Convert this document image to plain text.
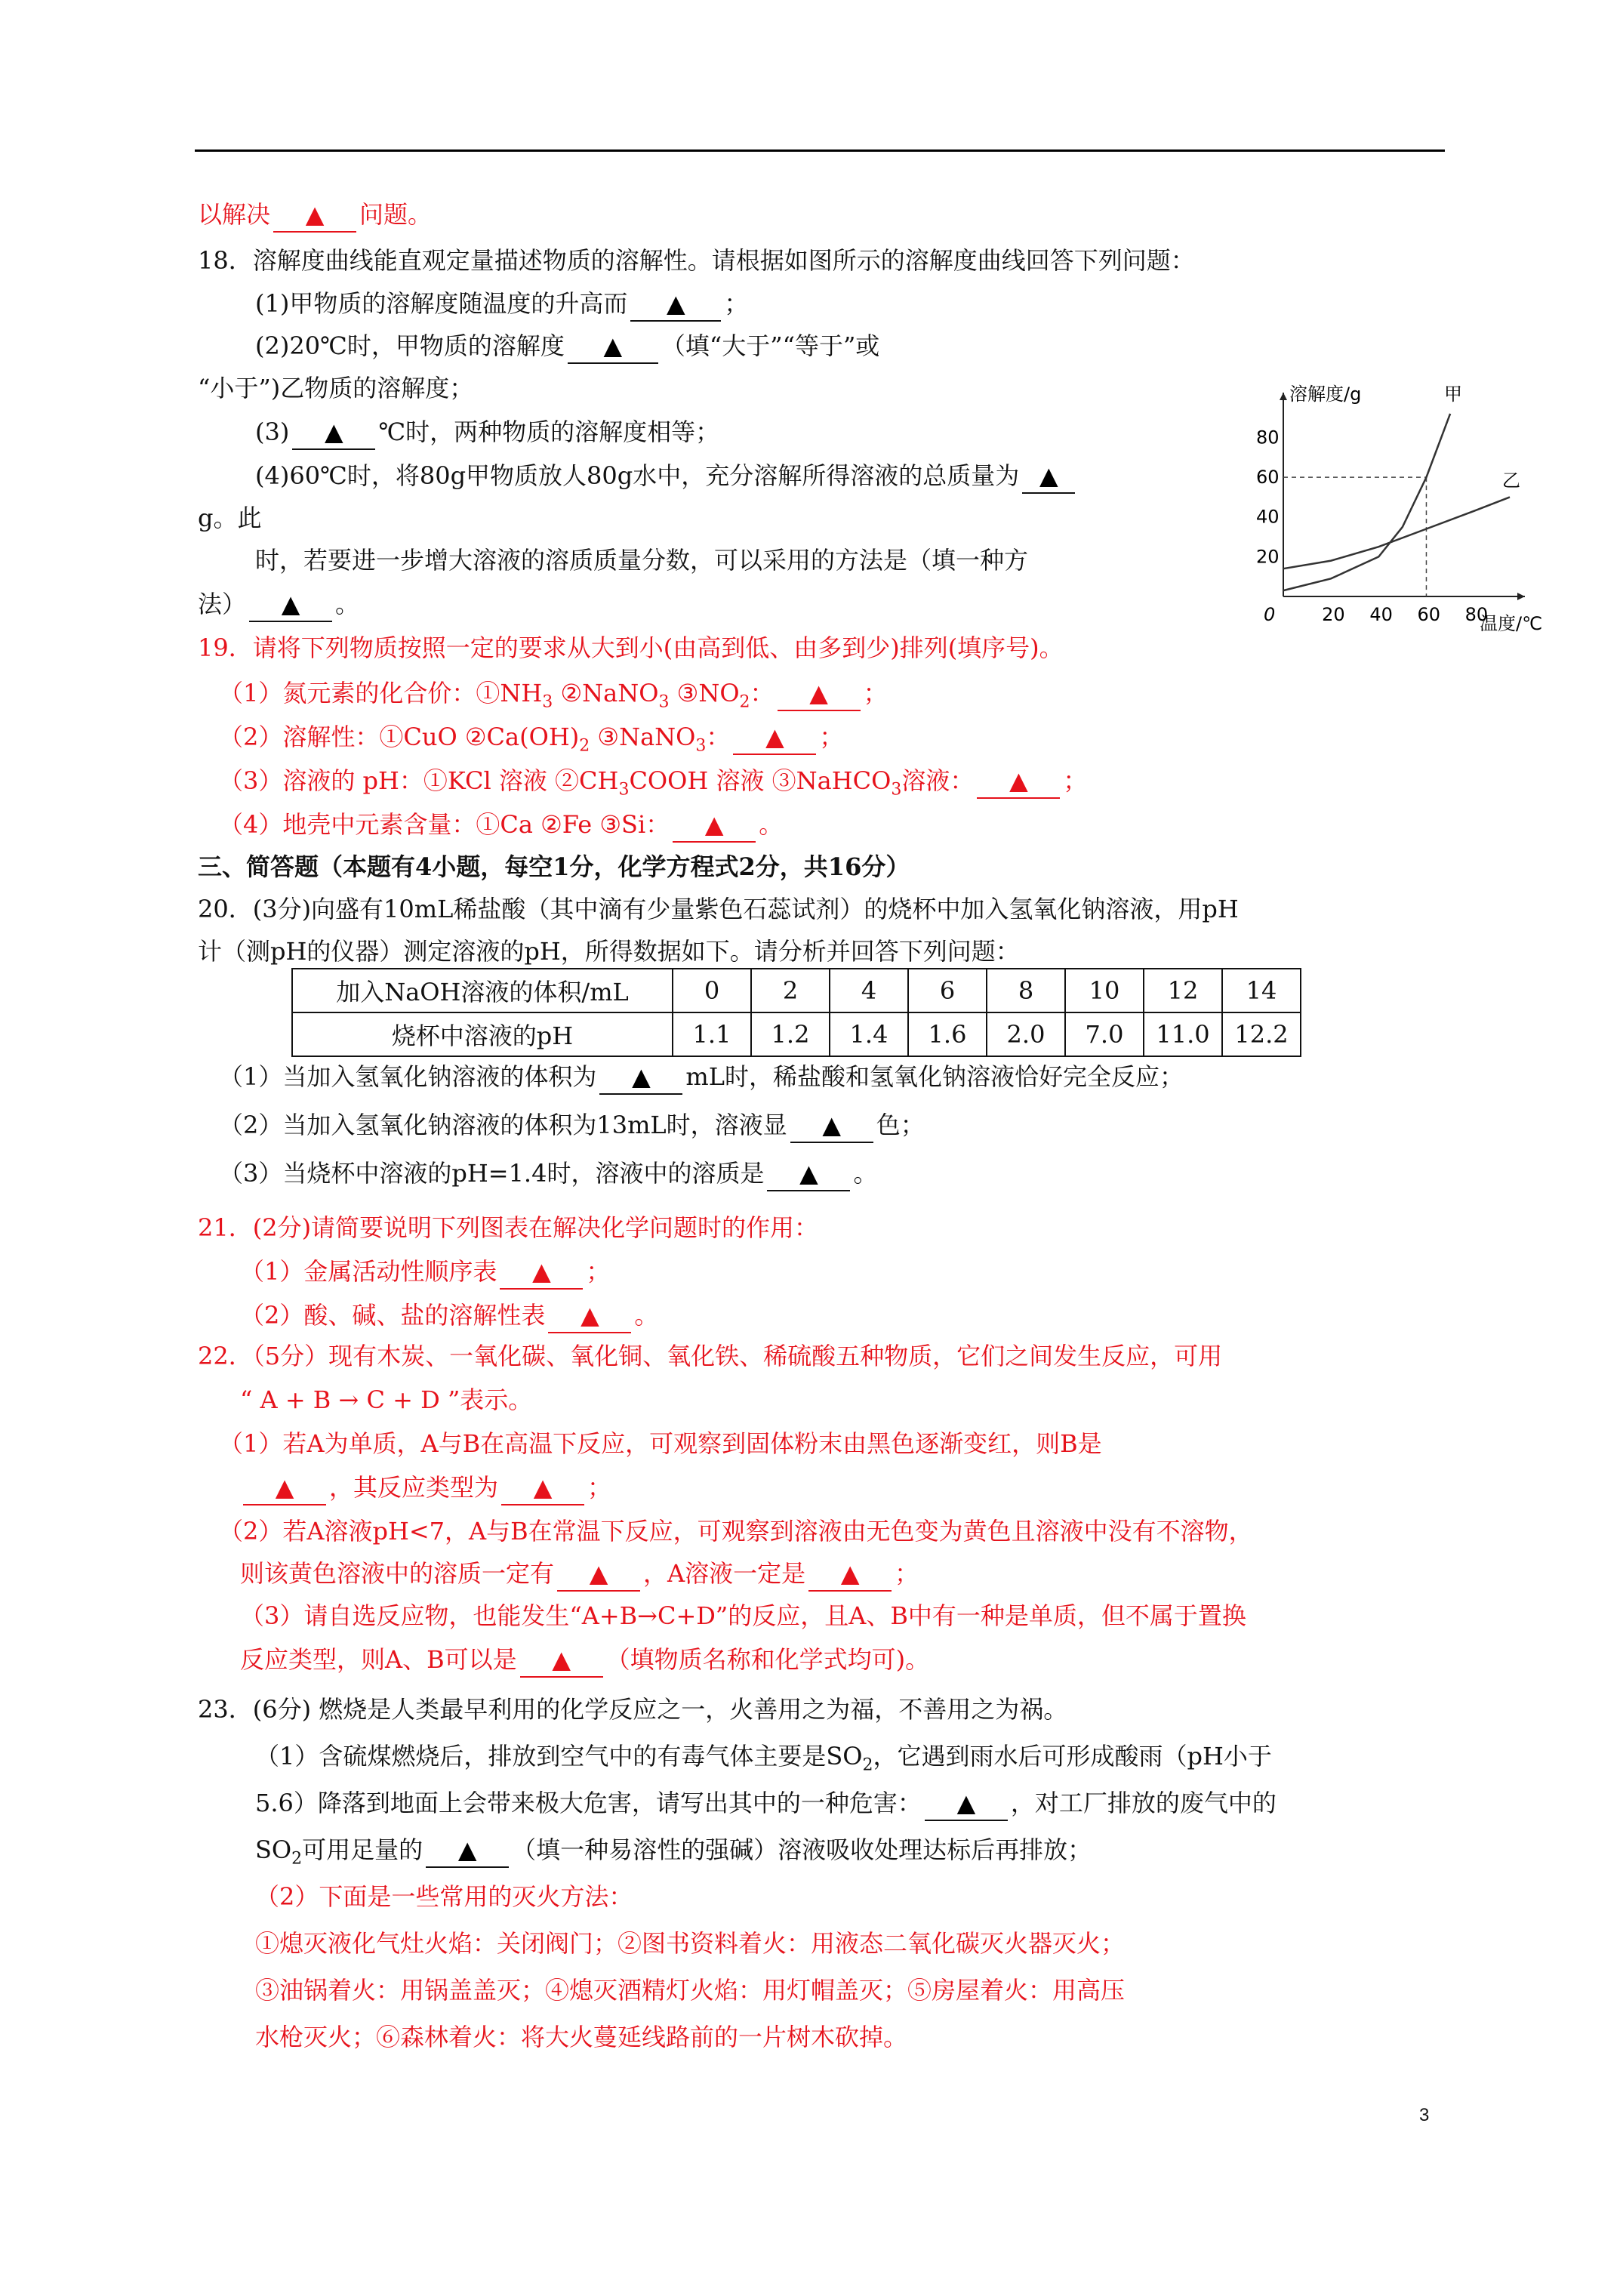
以解决 ▲ 问题。
18．溶解度曲线能直观定量描述物质的溶解性。请根据如图所示的溶解度曲线回答下列问题：
(1)甲物质的溶解度随温度的升高而 ▲ ；
(2)20℃时，甲物质的溶解度 ▲ （填“大于”“等于”或
“小于”)乙物质的溶解度；
(3) ▲ ℃时，两种物质的溶解度相等；
(4)60℃时，将80g甲物质放人80g水中，充分溶解所得溶液的总质量为 ▲
g。此
时，若要进一步增大溶液的溶质质量分数，可以采用的方法是（填一种方
法） ▲ 。
溶解度/g
温度/℃
0	20 40 60 80
20
40
60
80
甲
乙
19．请将下列物质按照一定的要求从大到小(由高到低、由多到少)排列(填序号)。
（1）氮元素的化合价：$①NH_3$ ②NaNO$_3$ $③NO_2$： ▲ ；
（2）溶解性：①CuO $②Ca(OH)_2$ ③NaNO$_3$： ▲ ；
（3）溶液的 pH：①KCl 溶液 $②CH_3COOH$ 溶液 ③NaHCO$_3$溶液： ▲ ；
（4）地壳中元素含量：①Ca ②Fe ③Si： ▲ 。
三、简答题（本题有4小题，每空1分，化学方程式2分，共16分）
20．(3分)向盛有10mL稀盐酸（其中滴有少量紫色石蕊试剂）的烧杯中加入氢氧化钠溶液，用pH
计（测pH的仪器）测定溶液的pH，所得数据如下。请分析并回答下列问题：
加入NaOH溶液的体积/mL	0	2	4	6	8	10	12	14
烧杯中溶液的pH	1.1	1.2	1.4	1.6	2.0	7.0	11.0	12.2
（1）当加入氢氧化钠溶液的体积为 ▲ mL时，稀盐酸和氢氧化钠溶液恰好完全反应；
（2）当加入氢氧化钠溶液的体积为13mL时，溶液显 ▲ 色；
（3）当烧杯中溶液的pH=1.4时，溶液中的溶质是 ▲ 。
21．(2分)请简要说明下列图表在解决化学问题时的作用：
（1）金属活动性顺序表 ▲ ；
（2）酸、碱、盐的溶解性表 ▲ 。
22．（5分）现有木炭、一氧化碳、氧化铜、氧化铁、稀硫酸五种物质，它们之间发生反应，可用
“ A + B → C + D ”表示。
（1）若A为单质，A与B在高温下反应，可观察到固体粉末由黑色逐渐变红，则B是
▲ ，其反应类型为 ▲ ；
（2）若A溶液pH<7，A与B在常温下反应，可观察到溶液由无色变为黄色且溶液中没有不溶物，
则该黄色溶液中的溶质一定有 ▲ ，A溶液一定是 ▲ ；
（3）请自选反应物，也能发生“A+B→C+D”的反应，且A、B中有一种是单质，但不属于置换
反应类型，则A、B可以是 ▲ （填物质名称和化学式均可)。
23．(6分) 燃烧是人类最早利用的化学反应之一，火善用之为福，不善用之为祸。
（1）含硫煤燃烧后，排放到空气中的有毒气体主要是$SO_2$，它遇到雨水后可形成酸雨（pH小于
5.6）降落到地面上会带来极大危害，请写出其中的一种危害： ▲ ，对工厂排放的废气中的
$SO_2$可用足量的 ▲ （填一种易溶性的强碱）溶液吸收处理达标后再排放；
（2）下面是一些常用的灭火方法：
①熄灭液化气灶火焰：关闭阀门；②图书资料着火：用液态二氧化碳灭火器灭火；
③油锅着火：用锅盖盖灭；④熄灭酒精灯火焰：用灯帽盖灭；⑤房屋着火：用高压
水枪灭火；⑥森林着火：将大火蔓延线路前的一片树木砍掉。
3
